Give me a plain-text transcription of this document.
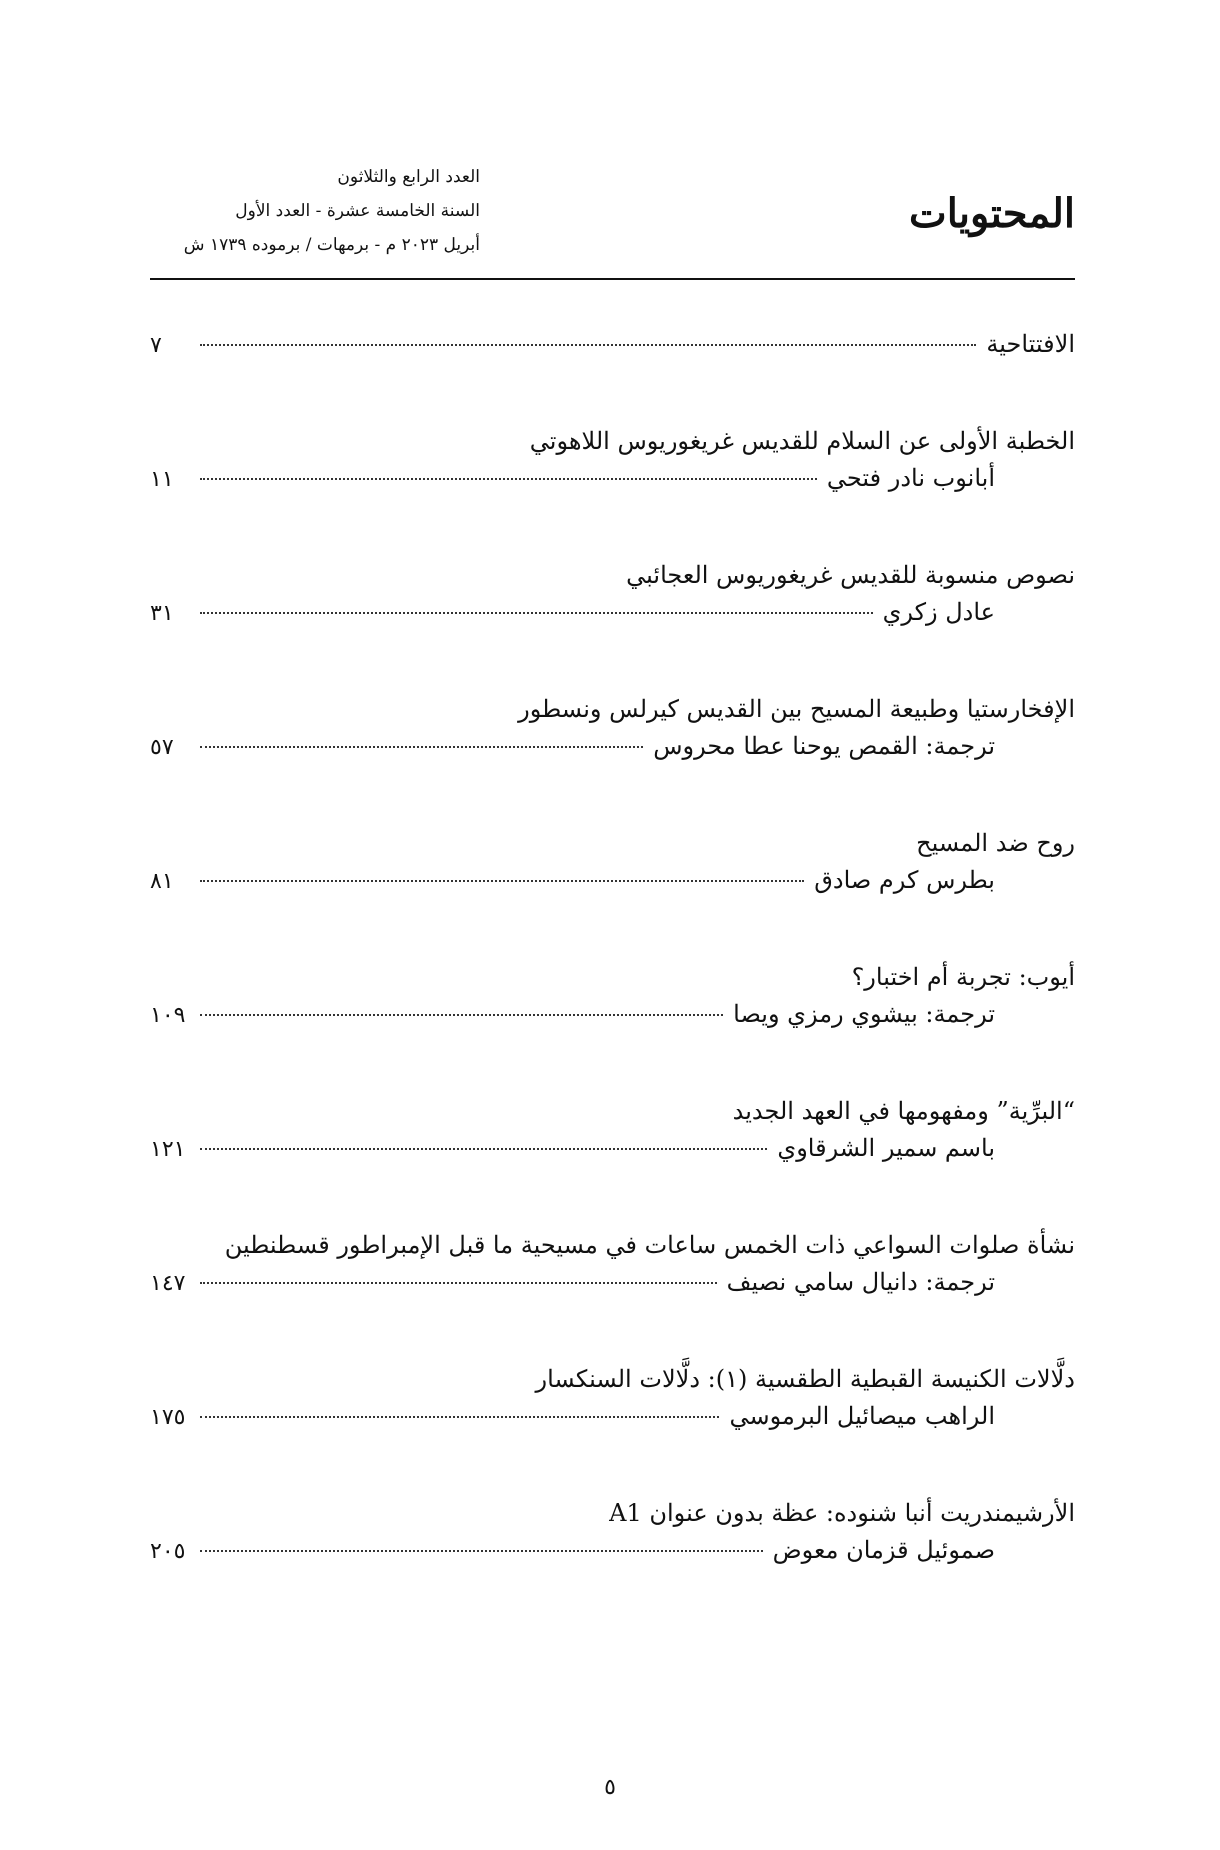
المحتويات
العدد الرابع والثلاثون
السنة الخامسة عشرة - العدد الأول
أبريل ٢٠٢٣ م - برمهات / برموده ١٧٣٩ ش
الافتتاحية
٧
الخطبة الأولى عن السلام للقديس غريغوريوس اللاهوتي
أبانوب نادر فتحي
١١
نصوص منسوبة للقديس غريغوريوس العجائبي
عادل زكري
٣١
الإفخارستيا وطبيعة المسيح بين القديس كيرلس ونسطور
ترجمة: القمص يوحنا عطا محروس
٥٧
روح ضد المسيح
بطرس كرم صادق
٨١
أيوب: تجربة أم اختبار؟
ترجمة: بيشوي رمزي ويصا
١٠٩
“البرِّية” ومفهومها في العهد الجديد
باسم سمير الشرقاوي
١٢١
نشأة صلوات السواعي ذات الخمس ساعات في مسيحية ما قبل الإمبراطور قسطنطين
ترجمة: دانيال سامي نصيف
١٤٧
دلَّالات الكنيسة القبطية الطقسية (١): دلَّالات السنكسار
الراهب ميصائيل البرموسي
١٧٥
الأرشيمندريت أنبا شنوده: عظة بدون عنوان A1
صموئيل قزمان معوض
٢٠٥
٥
